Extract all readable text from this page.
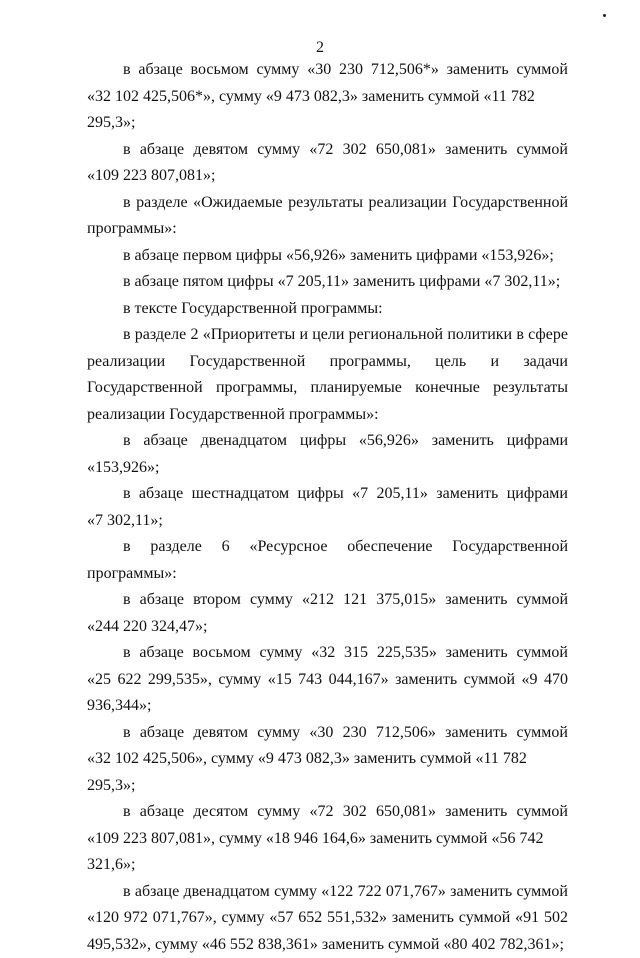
2

в абзаце восьмом сумму «30 230 712,506*» заменить суммой

«32 102 425,506*», сумму «9 473 082,3» заменить суммой «11 782 295,3»;

в абзаце девятом сумму «72 302 650,081» заменить суммой

«109 223 807,081»;

в разделе «Ожидаемые результаты реализации Государственной

программы»:

в абзаце первом цифры «56,926» заменить цифрами «153,926»;

в абзаце пятом цифры «7 205,11» заменить цифрами «7 302,11»;

в тексте Государственной программы:

в разделе 2 «Приоритеты и цели региональной политики в сфере

реализации Государственной программы, цель и задачи Государственной программы, планируемые конечные результаты реализации Государственной программы»:

в абзаце двенадцатом цифры «56,926» заменить цифрами «153,926»;

в абзаце шестнадцатом цифры «7 205,11» заменить цифрами

«7 302,11»;

в разделе 6 «Ресурсное обеспечение Государственной программы»:

в абзаце втором сумму «212 121 375,015» заменить суммой

«244 220 324,47»;

в абзаце восьмом сумму «32 315 225,535» заменить суммой

«25 622 299,535», сумму «15 743 044,167» заменить суммой «9 470 936,344»;

в абзаце девятом сумму «30 230 712,506» заменить суммой

«32 102 425,506», сумму «9 473 082,3» заменить суммой «11 782 295,3»;

в абзаце десятом сумму «72 302 650,081» заменить суммой

«109 223 807,081», сумму «18 946 164,6» заменить суммой «56 742 321,6»;

в абзаце двенадцатом сумму «122 722 071,767» заменить суммой

«120 972 071,767», сумму «57 652 551,532» заменить суммой «91 502 495,532», сумму «46 552 838,361» заменить суммой «80 402 782,361»;
